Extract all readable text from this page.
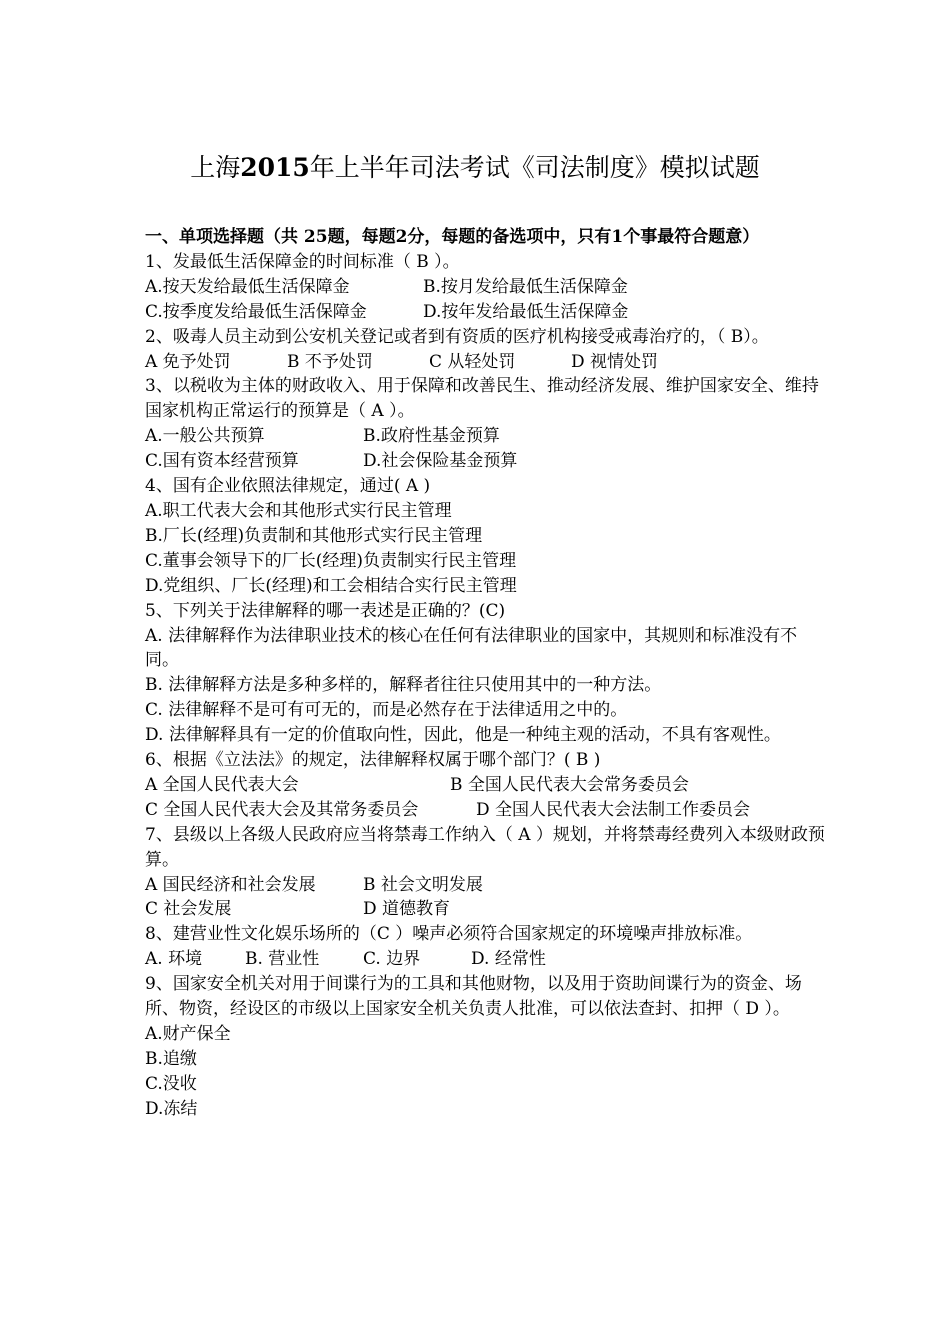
上海2015年上半年司法考试《司法制度》模拟试题
一、单项选择题（共 25题，每题2分，每题的备选项中，只有1个事最符合题意）
1、发最低生活保障金的时间标准（ B ）。
A.按天发给最低生活保障金	B.按月发给最低生活保障金
C.按季度发给最低生活保障金	D.按年发给最低生活保障金
2、吸毒人员主动到公安机关登记或者到有资质的医疗机构接受戒毒治疗的，（ B）。
A 免予处罚	B 不予处罚	C 从轻处罚	D 视情处罚
3、以税收为主体的财政收入、用于保障和改善民生、推动经济发展、维护国家安全、维持国家机构正常运行的预算是（ A ）。
A.一般公共预算	B.政府性基金预算
C.国有资本经营预算	D.社会保险基金预算
4、国有企业依照法律规定，通过( A )
A.职工代表大会和其他形式实行民主管理
B.厂长(经理)负责制和其他形式实行民主管理
C.董事会领导下的厂长(经理)负责制实行民主管理
D.党组织、厂长(经理)和工会相结合实行民主管理
5、下列关于法律解释的哪一表述是正确的？(C)
A. 法律解释作为法律职业技术的核心在任何有法律职业的国家中，其规则和标准没有不同。
B. 法律解释方法是多种多样的，解释者往往只使用其中的一种方法。
C. 法律解释不是可有可无的，而是必然存在于法律适用之中的。
D. 法律解释具有一定的价值取向性，因此，他是一种纯主观的活动，不具有客观性。
6、根据《立法法》的规定，法律解释权属于哪个部门？( B )
A 全国人民代表大会	B 全国人民代表大会常务委员会
C 全国人民代表大会及其常务委员会	D 全国人民代表大会法制工作委员会
7、县级以上各级人民政府应当将禁毒工作纳入（ A ）规划，并将禁毒经费列入本级财政预算。
A 国民经济和社会发展	B 社会文明发展
C 社会发展	D 道德教育
8、建营业性文化娱乐场所的（C ）噪声必须符合国家规定的环境噪声排放标准。
A. 环境	B. 营业性	C. 边界	D. 经常性
9、国家安全机关对用于间谍行为的工具和其他财物，以及用于资助间谍行为的资金、场所、物资，经设区的市级以上国家安全机关负责人批准，可以依法查封、扣押（ D ）。
A.财产保全
B.追缴
C.没收
D.冻结
